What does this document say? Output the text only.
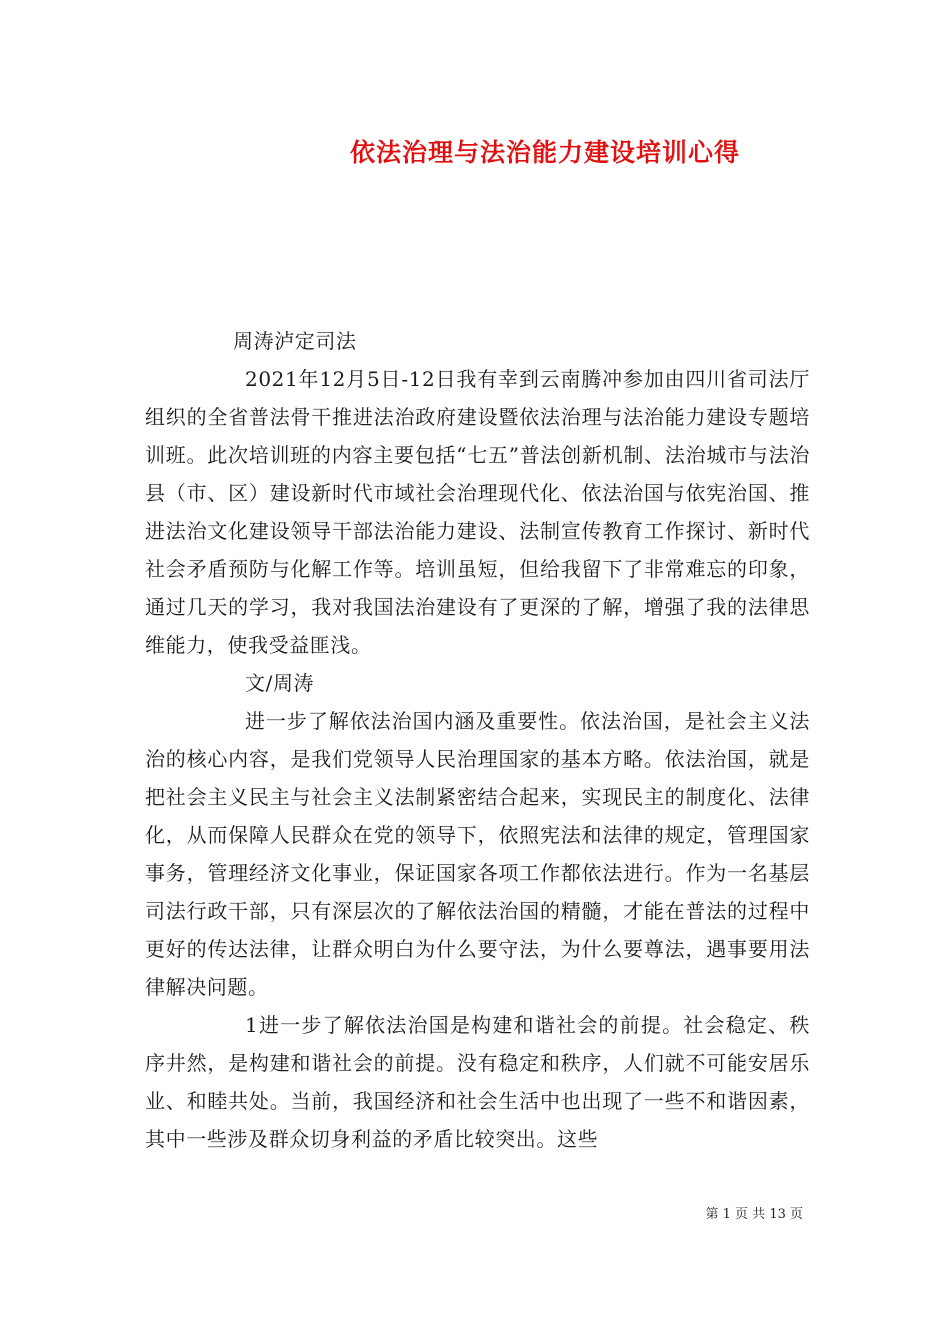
依法治理与法治能力建设培训心得

周涛泸定司法

2021年12月5日-12日我有幸到云南腾冲参加由四川省司法厅组织的全省普法骨干推进法治政府建设暨依法治理与法治能力建设专题培训班。此次培训班的内容主要包括“七五”普法创新机制、法治城市与法治县（市、区）建设新时代市域社会治理现代化、依法治国与依宪治国、推进法治文化建设领导干部法治能力建设、法制宣传教育工作探讨、新时代社会矛盾预防与化解工作等。培训虽短，但给我留下了非常难忘的印象，通过几天的学习，我对我国法治建设有了更深的了解，增强了我的法律思维能力，使我受益匪浅。

文/周涛

进一步了解依法治国内涵及重要性。依法治国，是社会主义法治的核心内容，是我们党领导人民治理国家的基本方略。依法治国，就是把社会主义民主与社会主义法制紧密结合起来，实现民主的制度化、法律化，从而保障人民群众在党的领导下，依照宪法和法律的规定，管理国家事务，管理经济文化事业，保证国家各项工作都依法进行。作为一名基层司法行政干部，只有深层次的了解依法治国的精髓，才能在普法的过程中更好的传达法律，让群众明白为什么要守法，为什么要尊法，遇事要用法律解决问题。

1进一步了解依法治国是构建和谐社会的前提。社会稳定、秩序井然，是构建和谐社会的前提。没有稳定和秩序，人们就不可能安居乐业、和睦共处。当前，我国经济和社会生活中也出现了一些不和谐因素，其中一些涉及群众切身利益的矛盾比较突出。这些

第 1 页 共 13 页
